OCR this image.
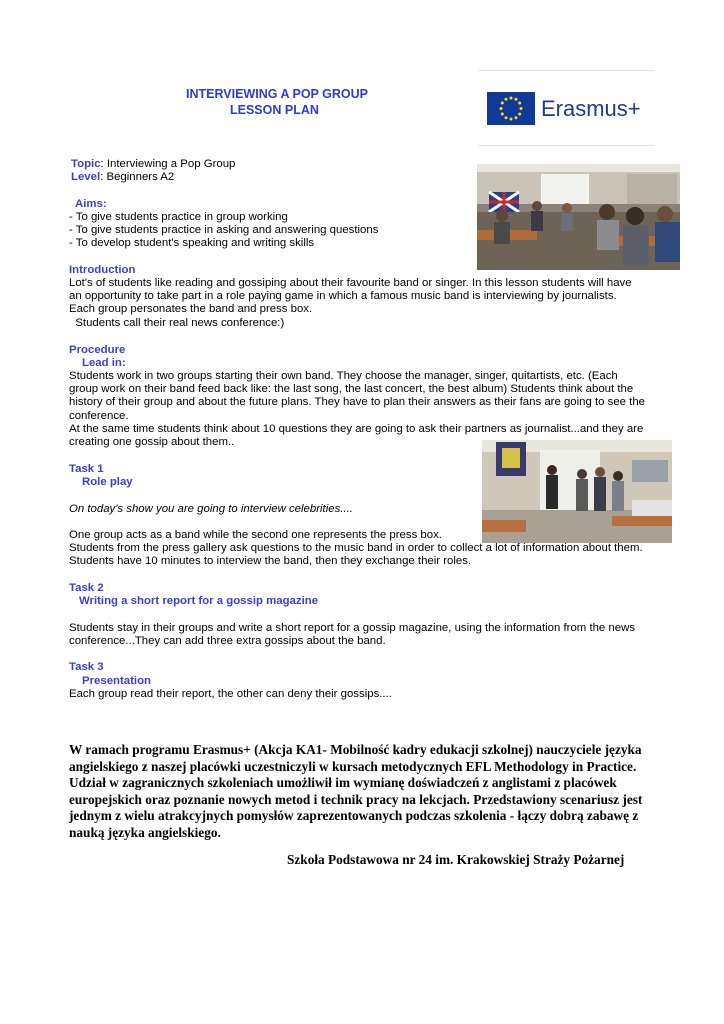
INTERVIEWING A POP GROUP
LESSON PLAN	Erasmus+
Topic: Interviewing a Pop Group
Level: Beginners A2
Aims:
- To give students practice in group working
- To give students practice in asking and answering questions
- To develop student's speaking and writing skills
Introduction
Lot's of students like reading and gossiping about their favourite band or singer. In this lesson students will have
an opportunity to take part in a role paying game in which a famous music band is interviewing by journalists.
Each group personates the band and press box.
Students call their real news conference:)
Procedure
Lead in:
Students work in two groups starting their own band. They choose the manager, singer, quitartists, etc. (Each
group work on their band feed back like: the last song, the last concert, the best album) Students think about the
history of their group and about the future plans. They have to plan their answers as their fans are going to see the
conference.
At the same time students think about 10 questions they are going to ask their partners as journalist...and they are
creating one gossip about them..
Task 1
Role play
On today's show you are going to interview celebrities....
One group acts as a band while the second one represents the press box.
Students from the press gallery ask questions to the music band in order to collect a lot of information about them.
Students have 10 minutes to interview the band, then they exchange their roles.
Task 2
Writing a short report for a gossip magazine
Students stay in their groups and write a short report for a gossip magazine, using the information from the news
conference...They can add three extra gossips about the band.
Task 3
Presentation
Each group read their report, the other can deny their gossips....
W ramach programu Erasmus+ (Akcja KA1- Mobilność kadry edukacji szkolnej) nauczyciele języka
angielskiego z naszej placówki uczestniczyli w kursach metodycznych EFL Methodology in Practice.
Udział w zagranicznych szkoleniach umożliwił im wymianę doświadczeń z anglistami z placówek
europejskich oraz poznanie nowych metod i technik pracy na lekcjach. Przedstawiony scenariusz jest
jednym z wielu atrakcyjnych pomysłów zaprezentowanych podczas szkolenia - łączy dobrą zabawę z
nauką języka angielskiego.
Szkoła Podstawowa nr 24 im. Krakowskiej Straży Pożarnej
